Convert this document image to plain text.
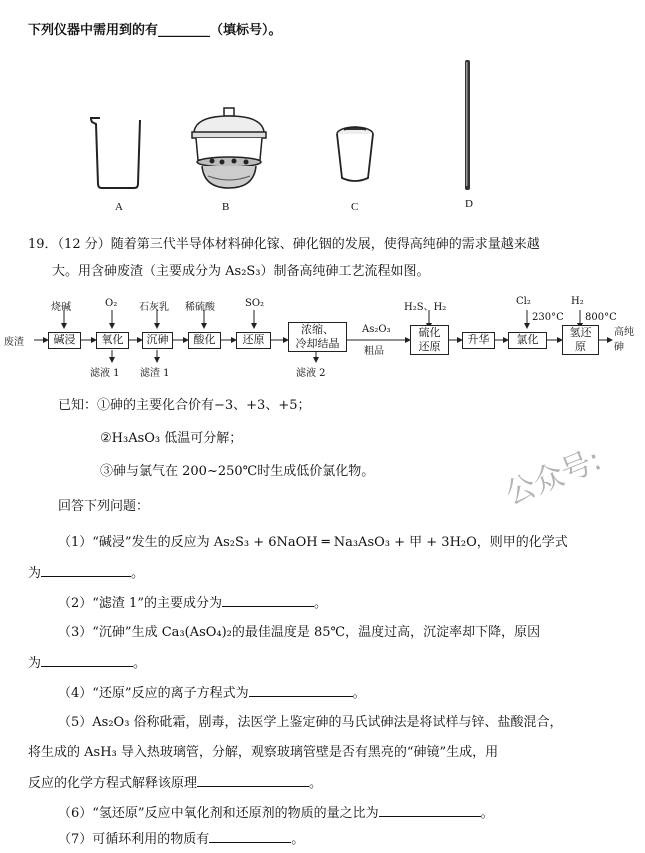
下列仪器中需用到的有________（填标号）。
A	B	C	D
19．（12 分）随着第三代半导体材料砷化镓、砷化铟的发展，使得高纯砷的需求量越来越
大。用含砷废渣（主要成分为 As₂S₃）制备高纯砷工艺流程如图。
废渣	碱浸	氧化	沉砷	酸化	还原
浓缩、
冷却结晶
硫化
还原
升华	氯化
氢还
原
烧碱	O₂ 石灰乳 稀硫酸	SO₂	H₂S、H₂
Cl₂	H₂
230°C 800°C
滤液 1 滤渣 1	滤液 2
As₂O₃
粗品
高纯
砷
已知：①砷的主要化合价有−3、+3、+5；
②H₃AsO₃ 低温可分解；
③砷与氯气在 200~250℃时生成低价氯化物。	公众号:
回答下列问题：
（1）“碱浸”发生的反应为 As₂S₃ + 6NaOH ═ Na₃AsO₃ + 甲 + 3H₂O，则甲的化学式
为	。
（2）“滤渣 1”的主要成分为	。
（3）“沉砷”生成 Ca₃(AsO₄)₂的最佳温度是 85℃，温度过高，沉淀率却下降，原因
为	。
（4）“还原”反应的离子方程式为	。
（5）As₂O₃ 俗称砒霜，剧毒，法医学上鉴定砷的马氏试砷法是将试样与锌、盐酸混合，
将生成的 AsH₃ 导入热玻璃管，分解，观察玻璃管壁是否有黑亮的“砷镜”生成，用
反应的化学方程式解释该原理	。
（6）“氢还原”反应中氧化剂和还原剂的物质的量之比为	。
（7）可循环利用的物质有	。
